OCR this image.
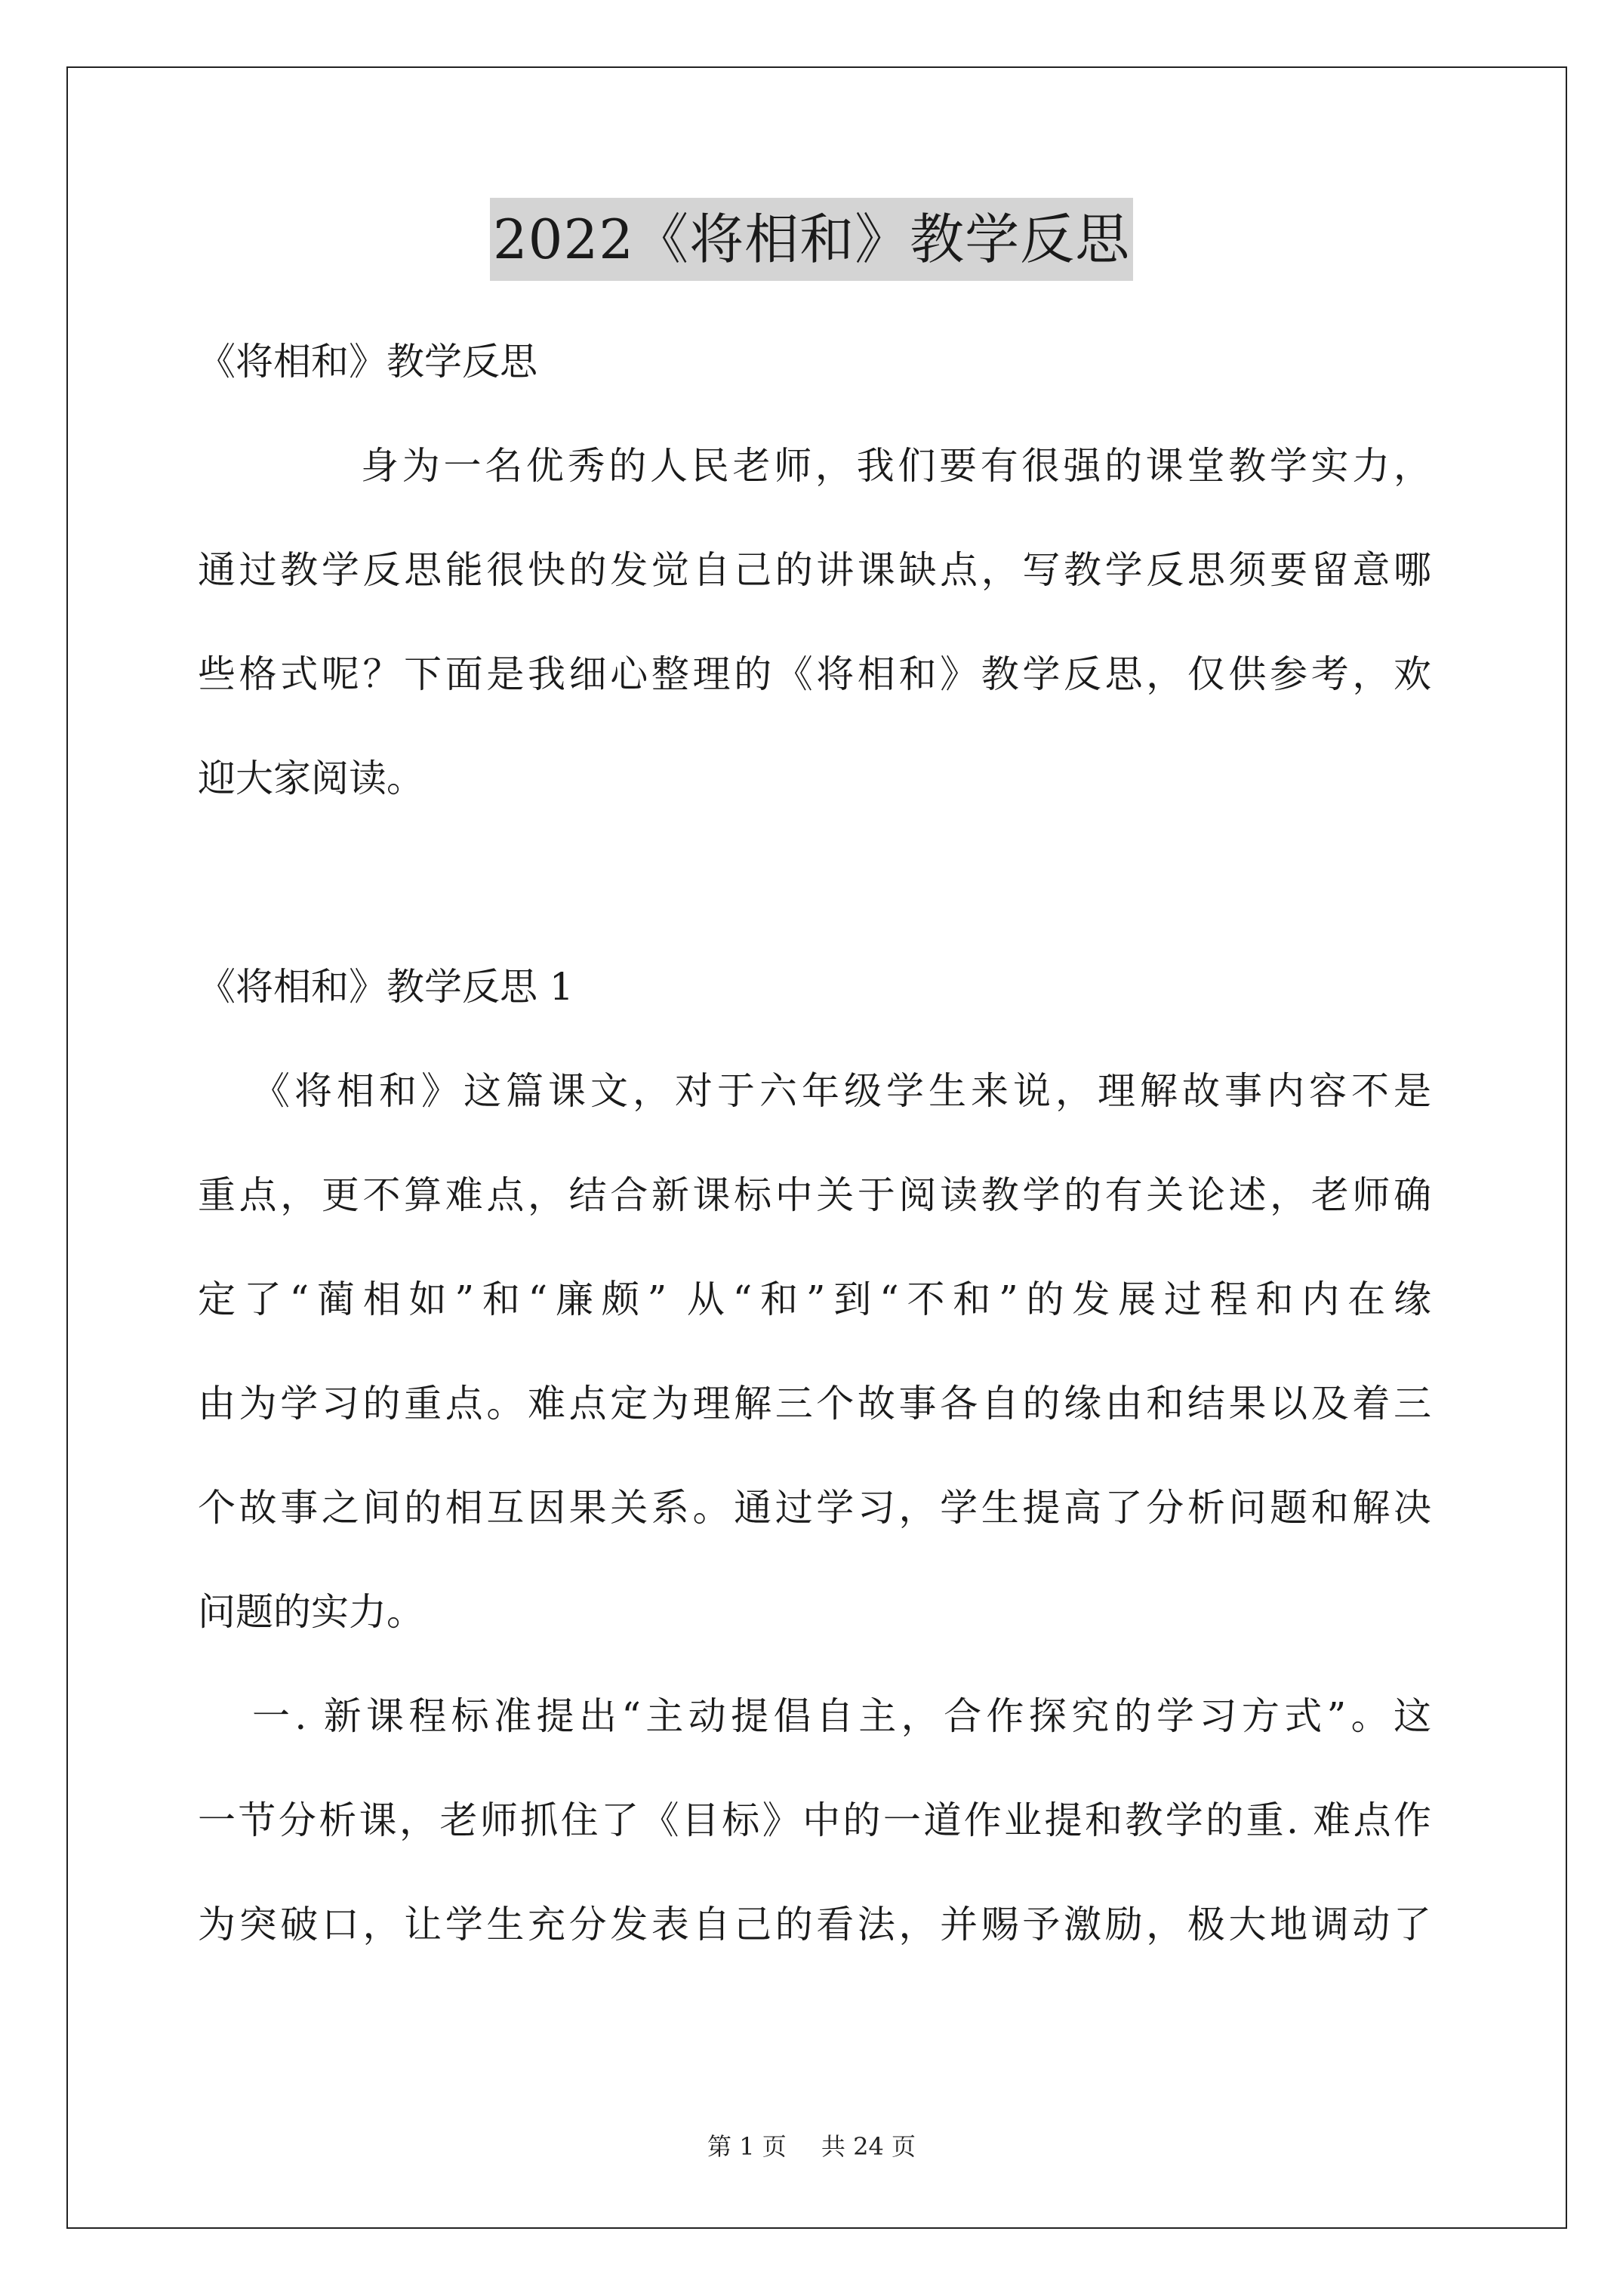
2022《将相和》教学反思
《将相和》教学反思
身为一名优秀的人民老师，我们要有很强的课堂教学实力，
通过教学反思能很快的发觉自己的讲课缺点，写教学反思须要留意哪
些格式呢？下面是我细心整理的《将相和》教学反思，仅供参考，欢
迎大家阅读。
《将相和》教学反思 1
《将相和》这篇课文，对于六年级学生来说，理解故事内容不是
重点，更不算难点，结合新课标中关于阅读教学的有关论述，老师确
定了“蔺相如”和“廉颇” 从“和”到“不和”的发展过程和内在缘
由为学习的重点。难点定为理解三个故事各自的缘由和结果以及着三
个故事之间的相互因果关系。通过学习，学生提高了分析问题和解决
问题的实力。
一. 新课程标准提出“主动提倡自主，合作探究的学习方式”。这
一节分析课，老师抓住了《目标》中的一道作业提和教学的重. 难点作
为突破口，让学生充分发表自己的看法，并赐予激励，极大地调动了
第 1 页 共 24 页
